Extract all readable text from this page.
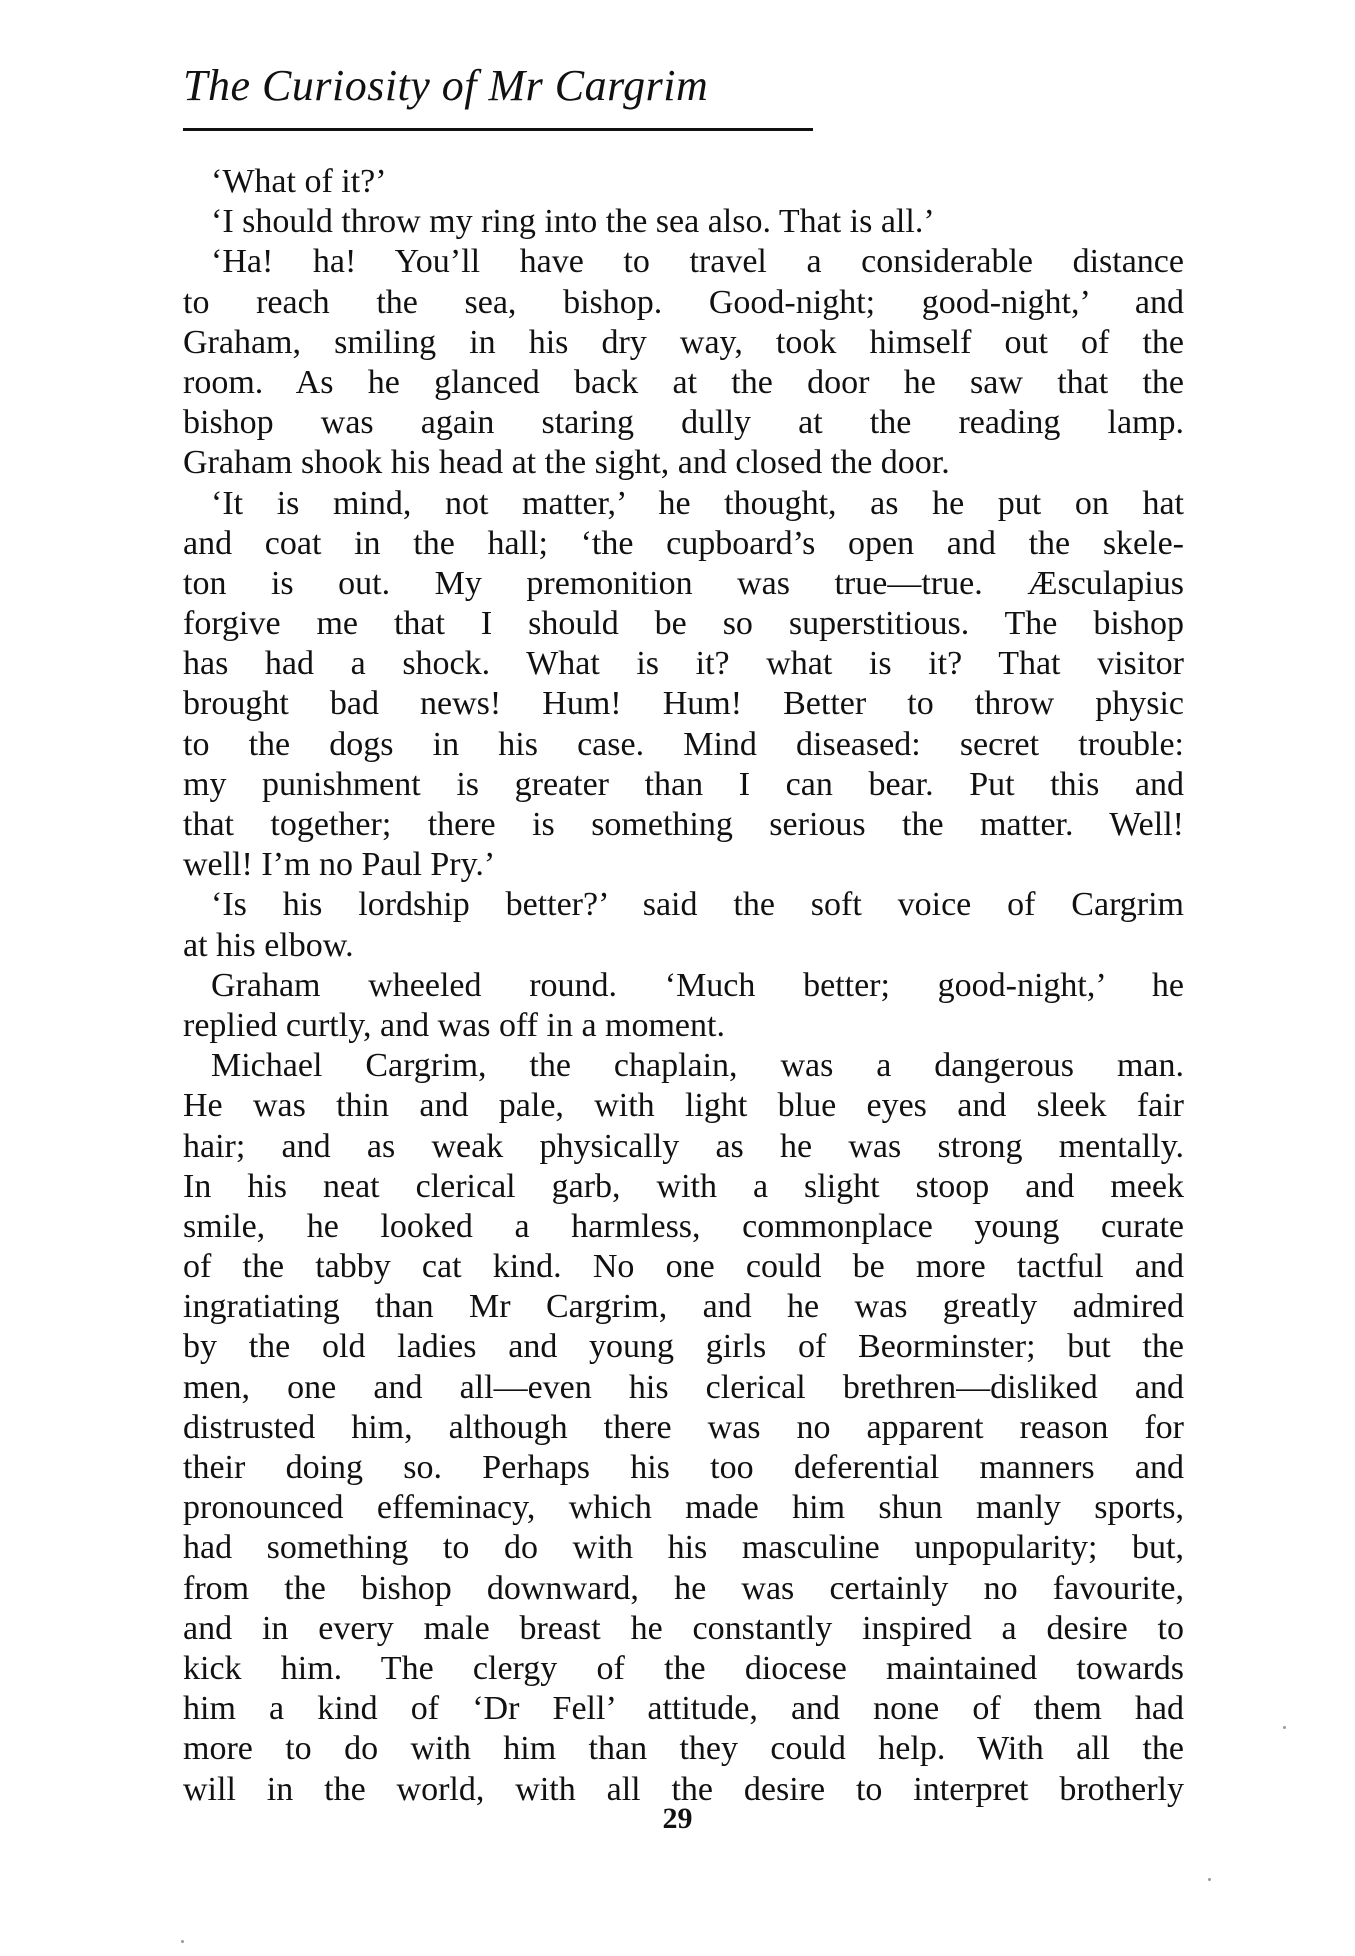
The Curiosity of Mr Cargrim
‘What of it?’
‘I should throw my ring into the sea also. That is all.’
‘Ha! ha! You’ll have to travel a considerable distance
to reach the sea, bishop. Good-night; good-night,’ and
Graham, smiling in his dry way, took himself out of the
room. As he glanced back at the door he saw that the
bishop was again staring dully at the reading lamp.
Graham shook his head at the sight, and closed the door.
‘It is mind, not matter,’ he thought, as he put on hat
and coat in the hall; ‘the cupboard’s open and the skele-
ton is out. My premonition was true—true. Æsculapius
forgive me that I should be so superstitious. The bishop
has had a shock. What is it? what is it? That visitor
brought bad news! Hum! Hum! Better to throw physic
to the dogs in his case. Mind diseased: secret trouble:
my punishment is greater than I can bear. Put this and
that together; there is something serious the matter. Well!
well! I’m no Paul Pry.’
‘Is his lordship better?’ said the soft voice of Cargrim
at his elbow.
Graham wheeled round. ‘Much better; good-night,’ he
replied curtly, and was off in a moment.
Michael Cargrim, the chaplain, was a dangerous man.
He was thin and pale, with light blue eyes and sleek fair
hair; and as weak physically as he was strong mentally.
In his neat clerical garb, with a slight stoop and meek
smile, he looked a harmless, commonplace young curate
of the tabby cat kind. No one could be more tactful and
ingratiating than Mr Cargrim, and he was greatly admired
by the old ladies and young girls of Beorminster; but the
men, one and all—even his clerical brethren—disliked and
distrusted him, although there was no apparent reason for
their doing so. Perhaps his too deferential manners and
pronounced effeminacy, which made him shun manly sports,
had something to do with his masculine unpopularity; but,
from the bishop downward, he was certainly no favourite,
and in every male breast he constantly inspired a desire to
kick him. The clergy of the diocese maintained towards
him a kind of ‘Dr Fell’ attitude, and none of them had
more to do with him than they could help. With all the
will in the world, with all the desire to interpret brotherly
29
